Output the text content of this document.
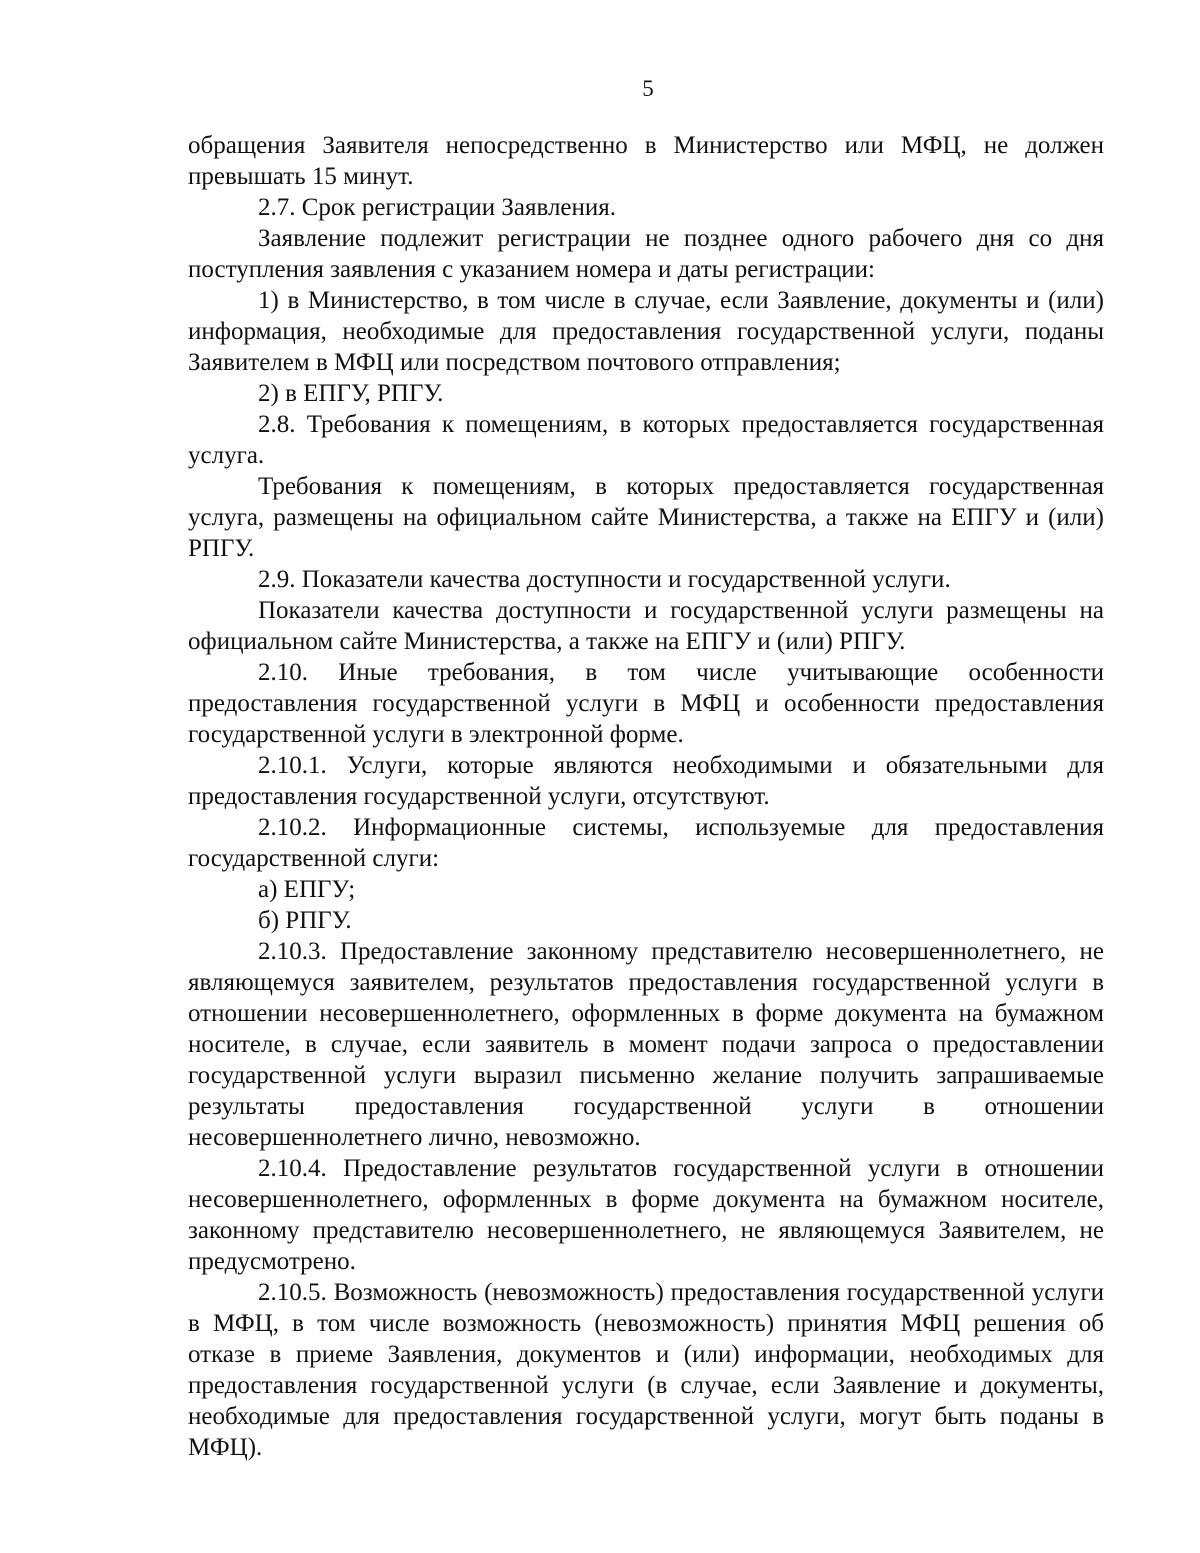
5

обращения Заявителя непосредственно в Министерство или МФЦ, не должен превышать 15 минут.

2.7. Срок регистрации Заявления.

Заявление подлежит регистрации не позднее одного рабочего дня со дня поступления заявления с указанием номера и даты регистрации:

1) в Министерство, в том числе в случае, если Заявление, документы и (или) информация, необходимые для предоставления государственной услуги, поданы Заявителем в МФЦ или посредством почтового отправления;

2) в ЕПГУ, РПГУ.

2.8. Требования к помещениям, в которых предоставляется государственная услуга.

Требования к помещениям, в которых предоставляется государственная услуга, размещены на официальном сайте Министерства, а также на ЕПГУ и (или) РПГУ.

2.9. Показатели качества доступности и государственной услуги.

Показатели качества доступности и государственной услуги размещены на официальном сайте Министерства, а также на ЕПГУ и (или) РПГУ.

2.10. Иные требования, в том числе учитывающие особенности предоставления государственной услуги в МФЦ и особенности предоставления государственной услуги в электронной форме.

2.10.1. Услуги, которые являются необходимыми и обязательными для предоставления государственной услуги, отсутствуют.

2.10.2. Информационные системы, используемые для предоставления государственной слуги:

а) ЕПГУ;

б) РПГУ.

2.10.3. Предоставление законному представителю несовершеннолетнего, не являющемуся заявителем, результатов предоставления государственной услуги в отношении несовершеннолетнего, оформленных в форме документа на бумажном носителе, в случае, если заявитель в момент подачи запроса о предоставлении государственной услуги выразил письменно желание получить запрашиваемые результаты предоставления государственной услуги в отношении несовершеннолетнего лично, невозможно.

2.10.4. Предоставление результатов государственной услуги в отношении несовершеннолетнего, оформленных в форме документа на бумажном носителе, законному представителю несовершеннолетнего, не являющемуся Заявителем, не предусмотрено.

2.10.5. Возможность (невозможность) предоставления государственной услуги в МФЦ, в том числе возможность (невозможность) принятия МФЦ решения об отказе в приеме Заявления, документов и (или) информации, необходимых для предоставления государственной услуги (в случае, если Заявление и документы, необходимые для предоставления государственной услуги, могут быть поданы в МФЦ).
